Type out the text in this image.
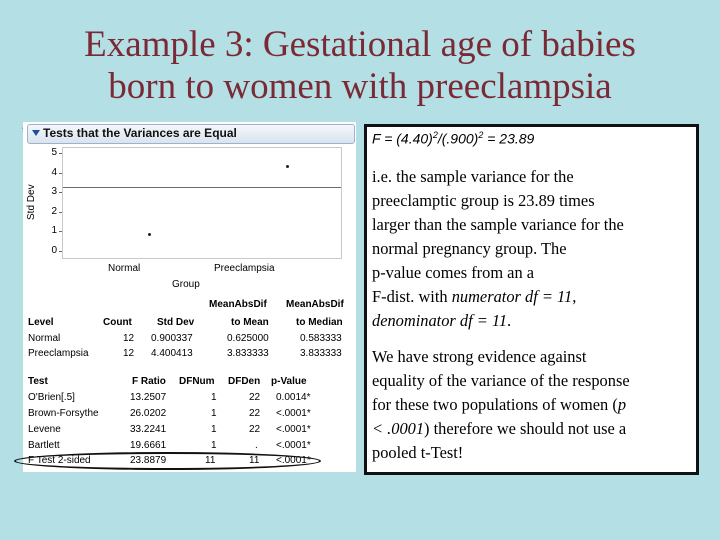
Example 3: Gestational age of babies
born to women with preeclampsia
Tests that the Variances are Equal
Std Dev
5
4
3
2
1
0
Normal	Preeclampsia
Group
MeanAbsDif MeanAbsDif
Level	Count	Std Dev	to Mean	to Median
Normal	12 0.900337	0.625000	0.583333
Preeclampsia	12 4.400413	3.833333	3.833333
Test	F Ratio DFNum DFDen p-Value
O'Brien[.5]	13.2507	1	22 0.0014*
Brown-Forsythe	26.0202	1	22 <.0001*
Levene	33.2241	1	22 <.0001*
Bartlett	19.6661	1	. <.0001*
F Test 2-sided	23.8879	11	11 <.0001*
$F = (4.40)^2/(.900)^2 = 23.89$
i.e. the sample variance for the
preeclamptic group is 23.89 times
larger than the sample variance for the
normal pregnancy group. The
p-value comes from an a
F-dist. with numerator df = 11,
denominator df = 11.
We have strong evidence against
equality of the variance of the response
for these two populations of women (p
< .0001) therefore we should not use a
pooled t-Test!
